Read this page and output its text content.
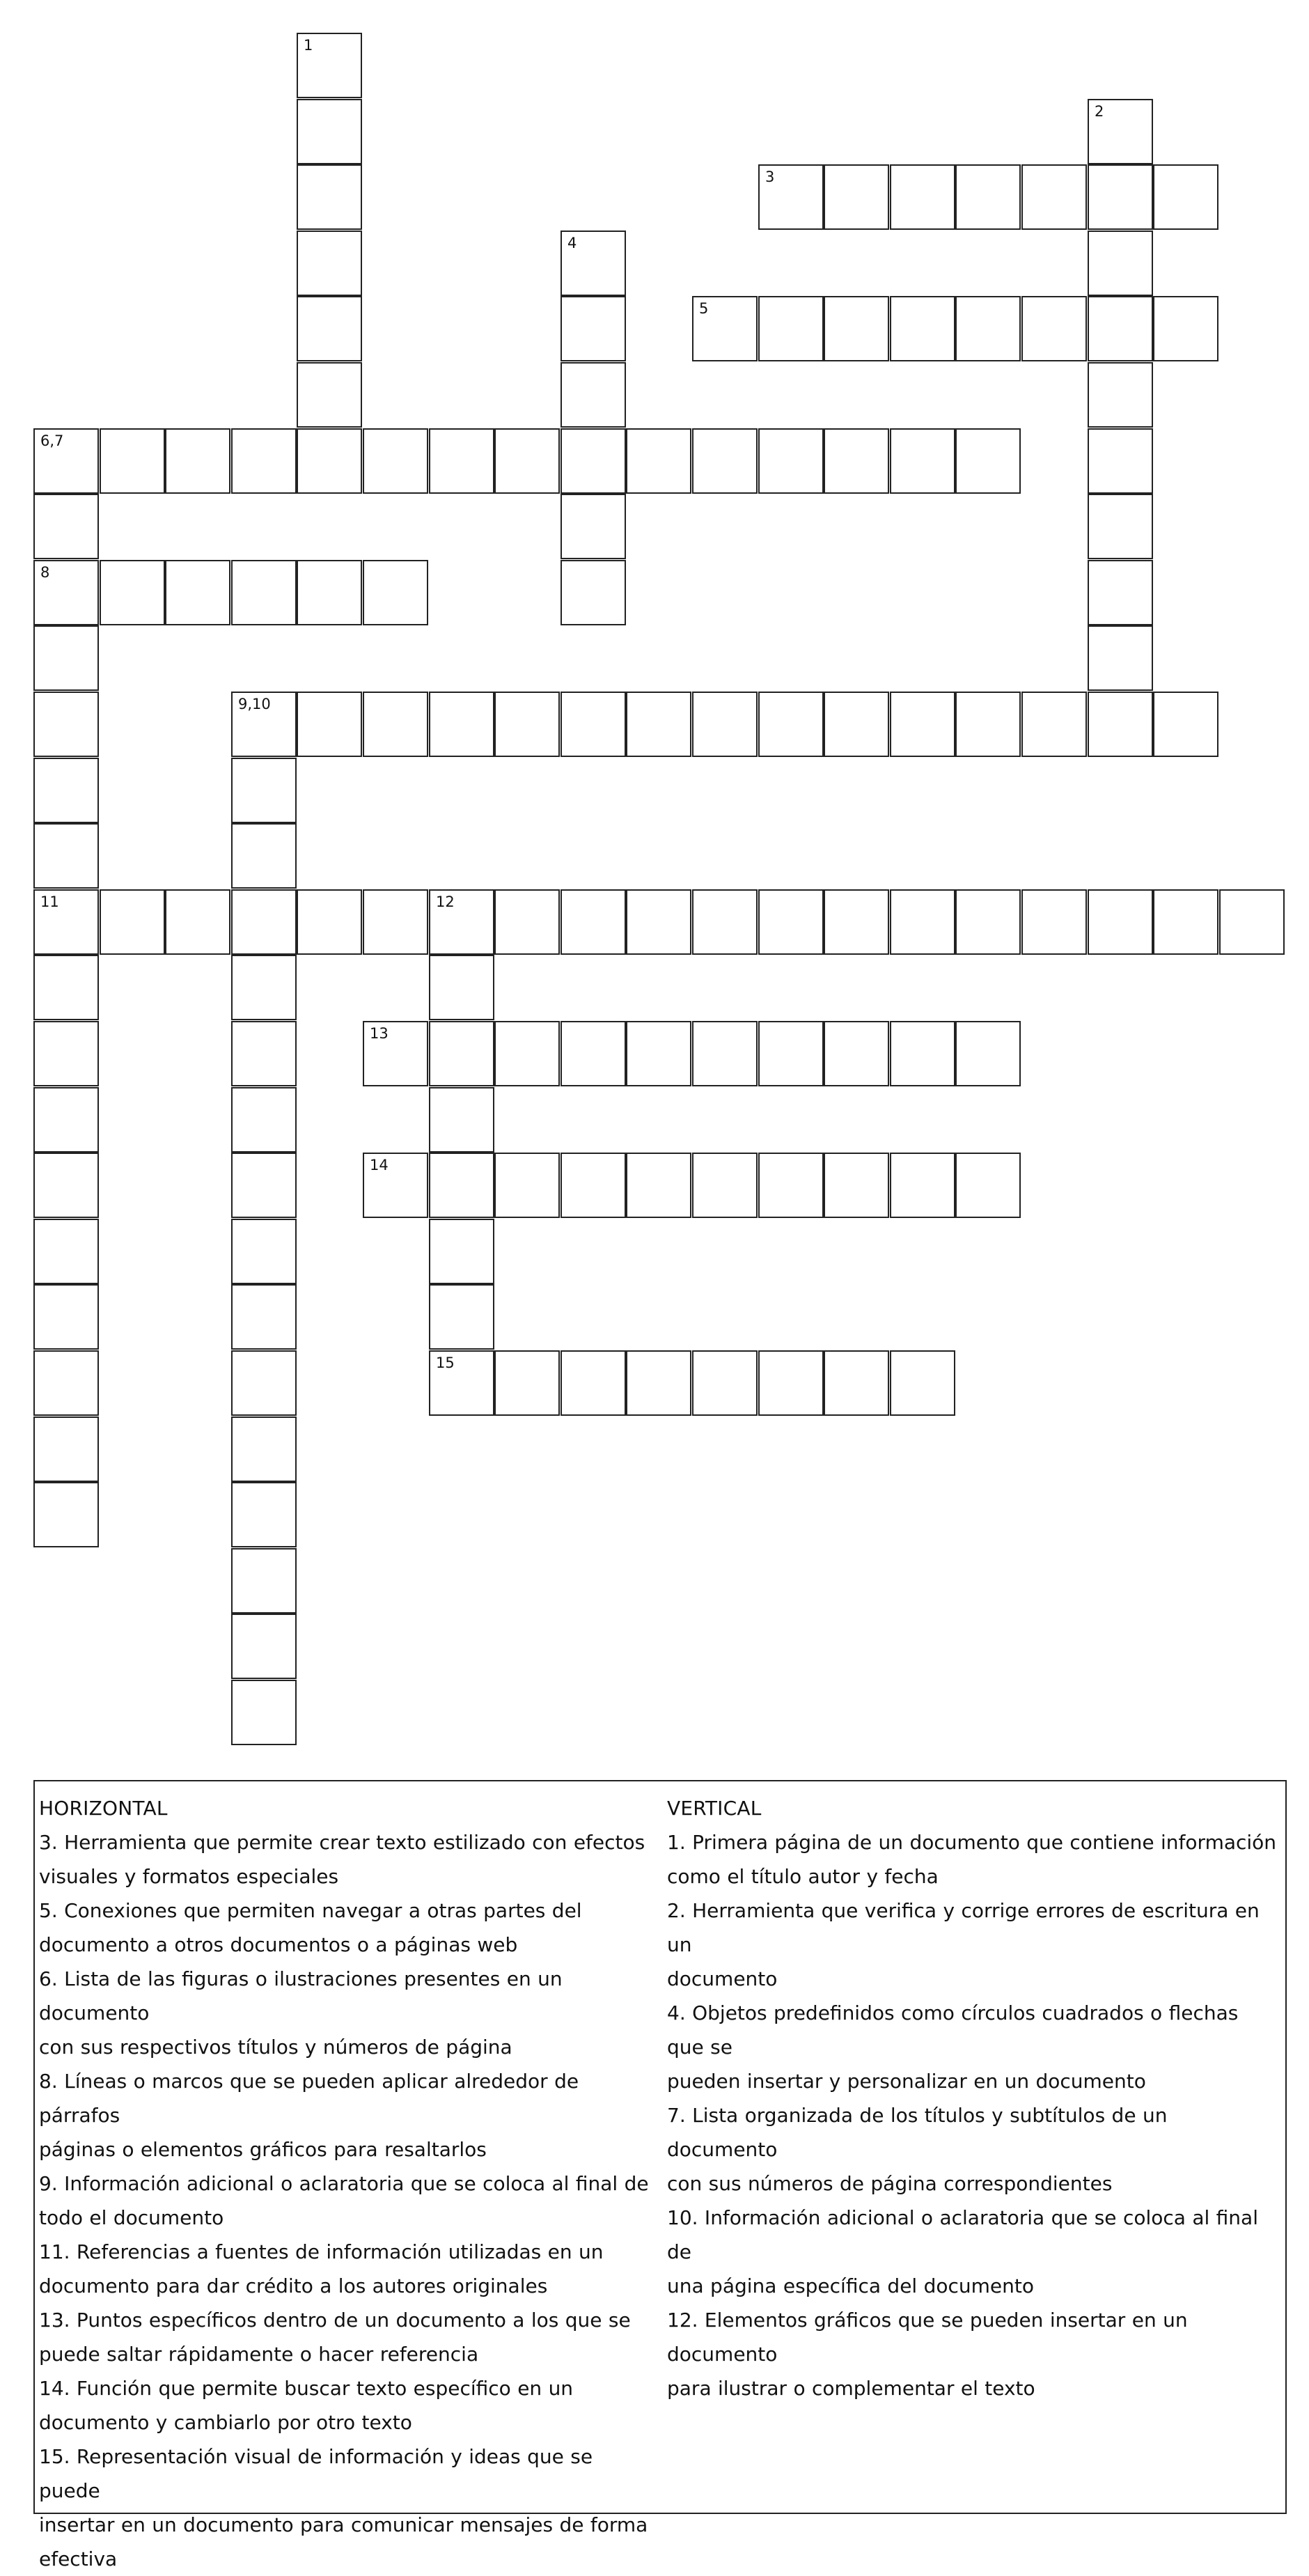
1
2
3
4
5
6,7
8
11
9,10
12
15
13
14
HORIZONTAL
3. Herramienta que permite crear texto estilizado con efectos
visuales y formatos especiales
5. Conexiones que permiten navegar a otras partes del
documento a otros documentos o a páginas web
6. Lista de las figuras o ilustraciones presentes en un documento
con sus respectivos títulos y números de página
8. Líneas o marcos que se pueden aplicar alrededor de párrafos
páginas o elementos gráficos para resaltarlos
9. Información adicional o aclaratoria que se coloca al final de
todo el documento
11. Referencias a fuentes de información utilizadas en un
documento para dar crédito a los autores originales
13. Puntos específicos dentro de un documento a los que se
puede saltar rápidamente o hacer referencia
14. Función que permite buscar texto específico en un
documento y cambiarlo por otro texto
15. Representación visual de información y ideas que se puede
insertar en un documento para comunicar mensajes de forma
efectiva
VERTICAL
1. Primera página de un documento que contiene información
como el título autor y fecha
2. Herramienta que verifica y corrige errores de escritura en un
documento
4. Objetos predefinidos como círculos cuadrados o flechas que se
pueden insertar y personalizar en un documento
7. Lista organizada de los títulos y subtítulos de un documento
con sus números de página correspondientes
10. Información adicional o aclaratoria que se coloca al final de
una página específica del documento
12. Elementos gráficos que se pueden insertar en un documento
para ilustrar o complementar el texto
